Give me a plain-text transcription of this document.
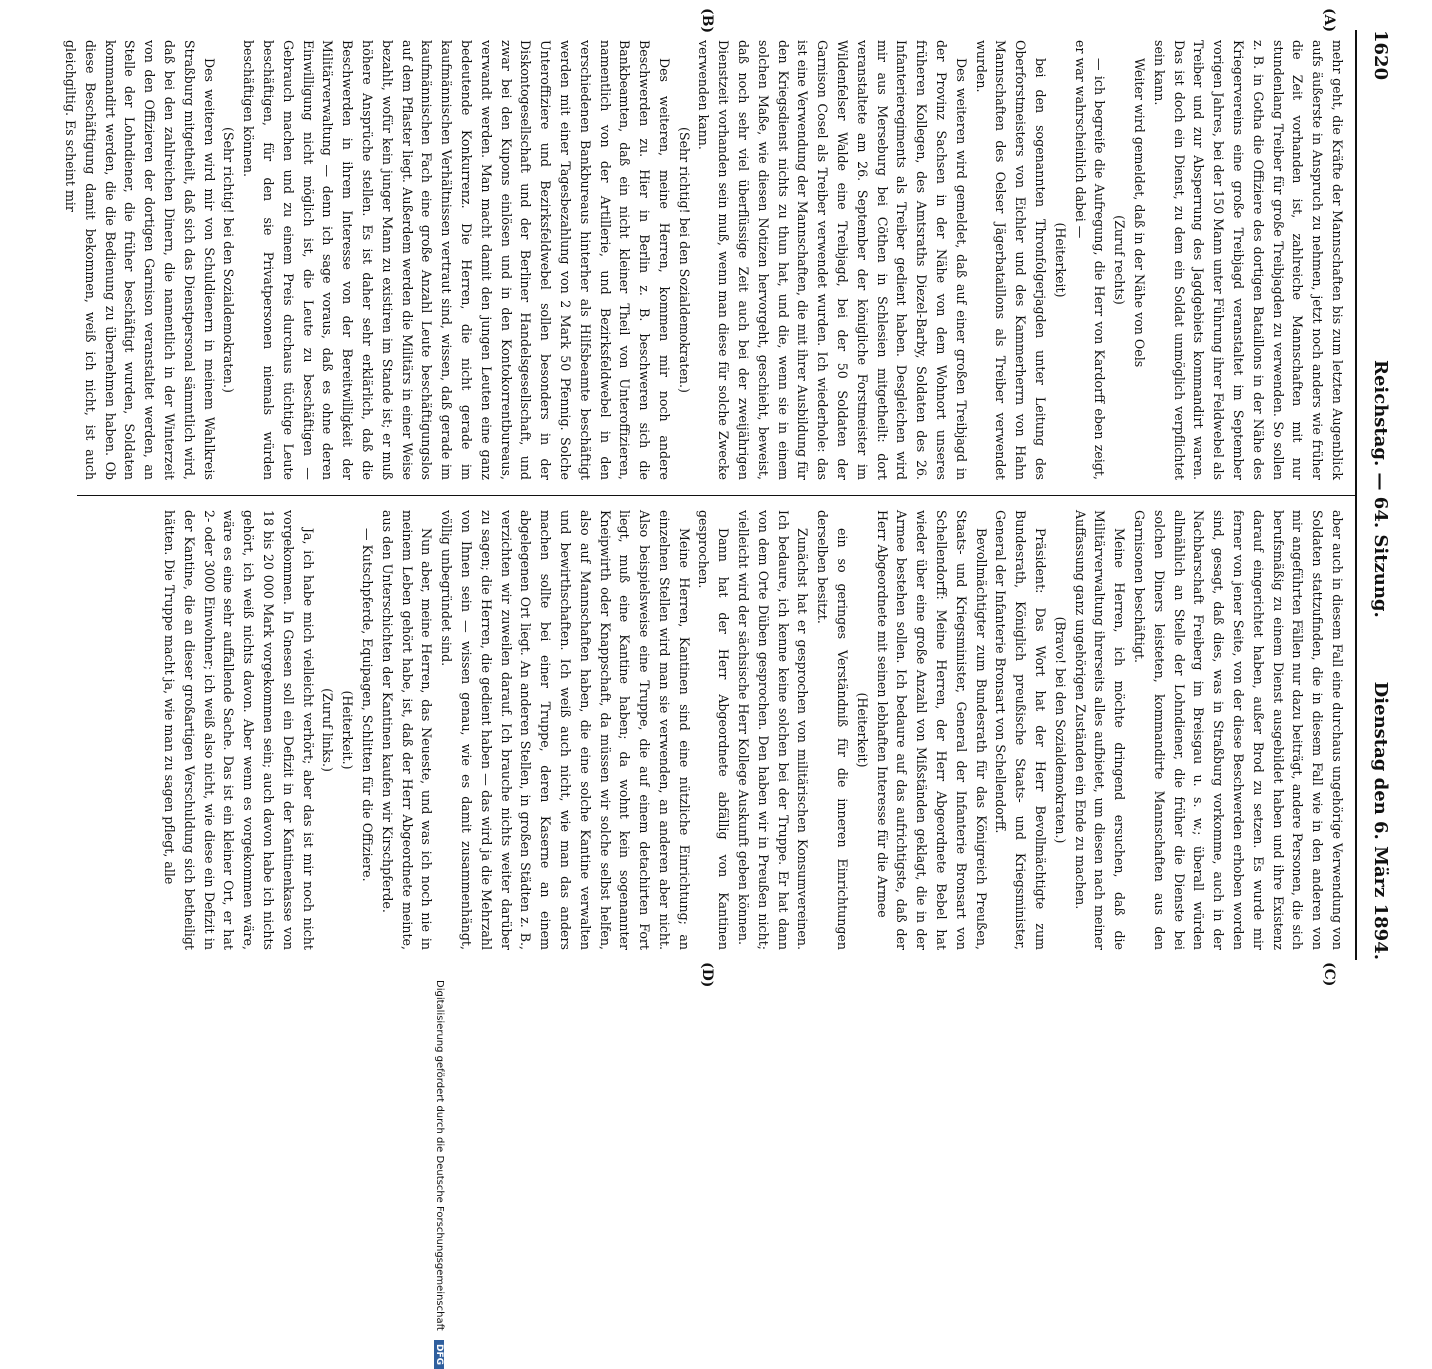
1620
Reichstag. — 64. Sitzung.
Dienstag den 6. März 1894.
(A)
(B)
(C)
(D)

mehr geht, die Kräfte der Mannschaften bis zum letzten Augenblick aufs äußerste in Anspruch zu nehmen, jetzt noch anders wie früher die Zeit vorhanden ist, zahlreiche Mannschaften mit nur stundenlang Treiber für große Treibjagden zu verwenden. So sollen z. B. in Gotha die Offiziere des dortigen Bataillons in der Nähe des Kriegervereins eine große Treibjagd veranstaltet im September vorigen Jahres, bei der 150 Mann unter Führung ihrer Feldwebel als Treiber und zur Absperrung des Jagdgebiets kommandirt waren. Das ist doch ein Dienst, zu dem ein Soldat unmöglich verpflichtet sein kann.

Weiter wird gemeldet, daß in der Nähe von Oels

(Zuruf rechts)

— ich begreife die Aufregung, die Herr von Kardorff eben zeigt, er war wahrscheinlich dabei —

(Heiterkeit)

bei den sogenannten Thronfolgerjagden unter Leitung des Oberforstmeisters von Eichler und des Kammerherrn von Hahn Mannschaften des Oelser Jägerbataillons als Treiber verwendet wurden.

Des weiteren wird gemeldet, daß auf einer großen Treibjagd in der Provinz Sachsen in der Nähe von dem Wohnort unseres früheren Kollegen, des Amtsraths Diezel-Barby, Soldaten des 26. Infanterieregiments als Treiber gedient haben. Desgleichen wird mir aus Merseburg bei Cöthen in Schlesien mitgetheilt: dort veranstaltete am 26. September der königliche Forstmeister im Wildenfelser Walde eine Treibjagd, bei der 50 Soldaten der Garnison Cosel als Treiber verwendet wurden. Ich wiederhole: das ist eine Verwendung der Mannschaften, die mit ihrer Ausbildung für den Kriegsdienst nichts zu thun hat, und die, wenn sie in einem solchen Maße, wie diesen Notizen hervorgeht, geschieht, beweist, daß noch sehr viel überflüssige Zeit auch bei der zweijährigen Dienstzeit vorhanden sein muß, wenn man diese für solche Zwecke verwenden kann.

(Sehr richtig! bei den Sozialdemokraten.)

Des weiteren, meine Herren, kommen mir noch andere Beschwerden zu. Hier in Berlin z. B. beschweren sich die Bankbeamten, daß ein nicht kleiner Theil von Unteroffizieren, namentlich von der Artillerie, und Bezirksfeldwebel in den verschiedenen Bankbureaus hinterher als Hilfsbeamte beschäftigt werden mit einer Tagesbezahlung von 2 Mark 50 Pfennig. Solche Unteroffiziere und Bezirksfeldwebel sollen besonders in der Diskontogesellschaft und der Berliner Handelsgesellschaft, und zwar bei den Kupons einlösen und in den Kontokorrentbureaus, verwandt werden. Man macht damit den jungen Leuten eine ganz bedeutende Konkurrenz. Die Herren, die nicht gerade im kaufmännischen Verhältnissen vertraut sind, wissen, daß gerade im kaufmännischen Fach eine große Anzahl Leute beschäftigungslos auf dem Pflaster liegt. Außerdem werden die Militärs in einer Weise bezahlt, wofür kein junger Mann zu existiren im Stande ist; er muß höhere Ansprüche stellen. Es ist daher sehr erklärlich, daß die Beschwerden in ihrem Interesse von der Bereitwilligkeit der Militärverwaltung — denn ich sage voraus, daß es ohne deren Einwilligung nicht möglich ist, die Leute zu beschäftigen — Gebrauch machen und zu einem Preis durchaus tüchtige Leute beschäftigen, für den sie Privatpersonen niemals würden beschäftigen können.

(Sehr richtig! bei den Sozialdemokraten.)

Des weiteren wird mir von Schuldienern in meinem Wahlkreis Straßburg mitgetheilt, daß sich das Dienstpersonal sämmtlich wird, daß bei den zahlreichen Dinern, die namentlich in der Winterzeit von den Offizieren der dortigen Garnison veranstaltet werden, an Stelle der Lohndiener, die früher beschäftigt wurden, Soldaten kommandirt werden, die die Bedienung zu übernehmen haben. Ob diese Beschäftigung damit bekommen, weiß ich nicht, ist auch gleichgiltig. Es scheint mir

aber auch in diesem Fall eine durchaus ungehörige Verwendung von Soldaten stattzufinden, die in diesem Fall wie in den anderen von mir angeführten Fällen nur dazu beiträgt, andere Personen, die sich berufsmäßig zu einem Dienst ausgebildet haben und ihre Existenz darauf eingerichtet haben, außer Brod zu setzen. Es wurde mir ferner von jener Seite, von der diese Beschwerden erhoben worden sind, gesagt, daß dies, was in Straßburg vorkomme, auch in der Nachbarschaft Freiberg im Breisgau u. s. w.; überall würden allmählich an Stelle der Lohndiener, die früher die Dienste bei solchen Diners leisteten, kommandirte Mannschaften aus den Garnisonen beschäftigt.

Meine Herren, ich möchte dringend ersuchen, daß die Militärverwaltung ihrerseits alles aufbietet, um diesen nach meiner Auffassung ganz ungehörigen Zuständen ein Ende zu machen.

(Bravo! bei den Sozialdemokraten.)

Präsident: Das Wort hat der Herr Bevollmächtigte zum Bundesrath, Königlich preußische Staats- und Kriegsminister, General der Infanterie Bronsart von Schellendorff.

Bevollmächtigter zum Bundesrath für das Königreich Preußen, Staats- und Kriegsminister, General der Infanterie Bronsart von Schellendorff: Meine Herren, der Herr Abgeordnete Bebel hat wieder über eine große Anzahl von Mißständen geklagt, die in der Armee bestehen sollen. Ich bedaure auf das aufrichtigste, daß der Herr Abgeordnete mit seinen lebhaften Interesse für die Armee

(Heiterkeit)

ein so geringes Verständniß für die inneren Einrichtungen derselben besitzt.

Zunächst hat er gesprochen von militärischen Konsumvereinen. Ich bedaure, ich kenne keine solchen bei der Truppe. Er hat dann von dem Orte Düben gesprochen. Den haben wir in Preußen nicht; vielleicht wird der sächsische Herr Kollege Auskunft geben können.

Dann hat der Herr Abgeordnete abfällig von Kantinen gesprochen.

Meine Herren, Kantinen sind eine nützliche Einrichtung; an einzelnen Stellen wird man sie verwenden, an anderen aber nicht. Also beispielsweise eine Truppe, die auf einem detachirten Fort liegt, muß eine Kantine haben; da wohnt kein sogenannter Kneipwirth oder Knappschaft, da müssen wir solche selbst helfen, also auf Mannschaften haben, die eine solche Kantine verwalten und bewirthschaften. Ich weiß auch nicht, wie man das anders machen sollte bei einer Truppe, deren Kaserne an einem abgelegenen Ort liegt. An anderen Stellen, in großen Städten z. B., verzichten wir zuweilen darauf. Ich brauche nichts weiter darüber zu sagen; die Herren, die gedient haben — das wird ja die Mehrzahl von Ihnen sein — wissen genau, wie es damit zusammenhängt, völlig unbegründet sind.

Nun aber, meine Herren, das Neueste, und was ich noch nie in meinem Leben gehört habe, ist, daß der Herr Abgeordnete meinte, aus den Unterschichten der Kantinen kaufen wir Kirschpferde.

— Kutschpferde, Equipagen, Schlitten für die Offiziere.

(Heiterkeit.)

(Zuruf links.)

Ja, ich habe mich vielleicht verhört; aber das ist mir noch nicht vorgekommen. In Gnesen soll ein Defizit in der Kantinenkasse von 18 bis 20 000 Mark vorgekommen sein; auch davon habe ich nichts gehört, ich weiß nichts davon. Aber wenn es vorgekommen wäre, wäre es eine sehr auffallende Sache. Das ist ein kleiner Ort, er hat 2- oder 3000 Einwohner; ich weiß also nicht, wie diese ein Defizit in der Kantine, die an dieser großartigen Verschuldung sich betheiligt hätten. Die Truppe macht ja, wie man zu sagen pflegt, alle

Digitalisierung gefördert durch die Deutsche Forschungsgemeinschaft DFG
